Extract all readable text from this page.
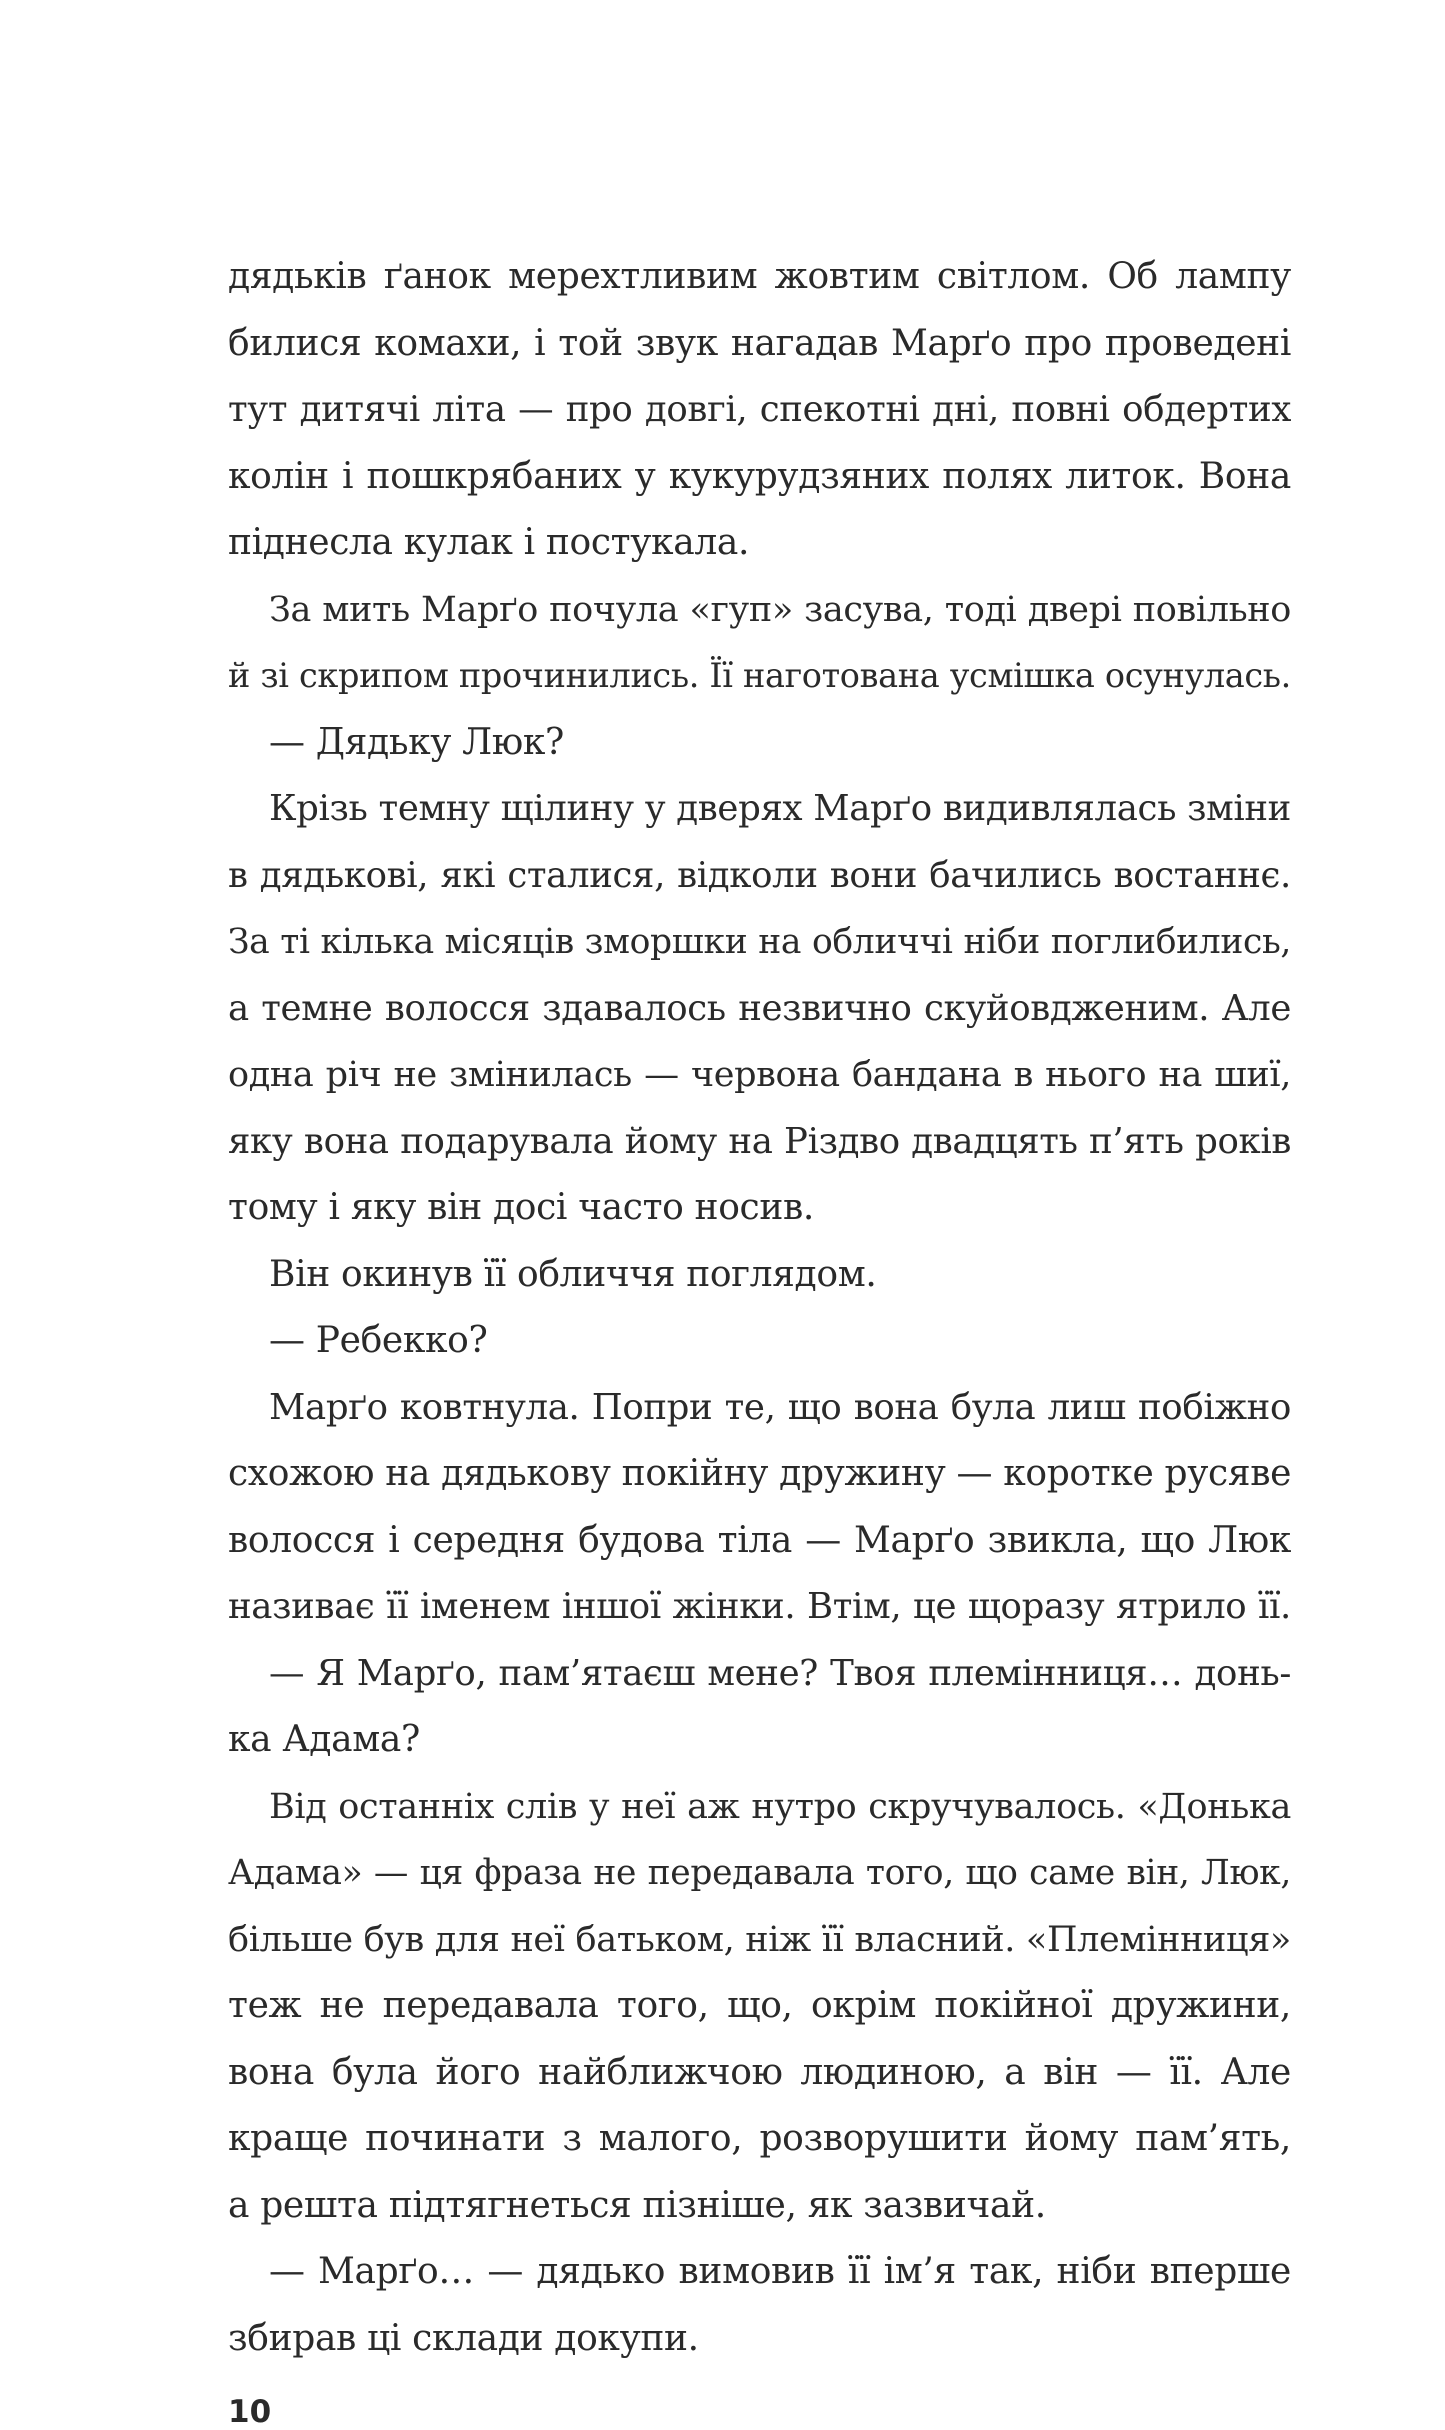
дядьків ґанок мерехтливим жовтим світлом. Об лампу
билися комахи, і той звук нагадав Марґо про проведені
тут дитячі літа — про довгі, спекотні дні, повні обдертих
колін і пошкрябаних у кукурудзяних полях литок. Вона
піднесла кулак і постукала.
За мить Марґо почула «гуп» засува, тоді двері повільно
й зі скрипом прочинились. Її наготована усмішка осунулась.
— Дядьку Люк?
Крізь темну щілину у дверях Марґо видивлялась зміни
в дядькові, які сталися, відколи вони бачились востаннє.
За ті кілька місяців зморшки на обличчі ніби поглибились,
а темне волосся здавалось незвично скуйовдженим. Але
одна річ не змінилась — червона бандана в нього на шиї,
яку вона подарувала йому на Різдво двадцять п’ять років
тому і яку він досі часто носив.
Він окинув її обличчя поглядом.
— Ребекко?
Марґо ковтнула. Попри те, що вона була лиш побіжно
схожою на дядькову покійну дружину — коротке русяве
волосся і середня будова тіла — Марґо звикла, що Люк
називає її іменем іншої жінки. Втім, це щоразу ятрило її.
— Я Марґо, пам’ятаєш мене? Твоя племінниця… донь-
ка Адама?
Від останніх слів у неї аж нутро скручувалось. «Донька
Адама» — ця фраза не передавала того, що саме він, Люк,
більше був для неї батьком, ніж її власний. «Племінниця»
теж не передавала того, що, окрім покійної дружини,
вона була його найближчою людиною, а він — її. Але
краще починати з малого, розворушити йому пам’ять,
а решта підтягнеться пізніше, як зазвичай.
— Марґо… — дядько вимовив її ім’я так, ніби вперше
збирав ці склади докупи.
10
